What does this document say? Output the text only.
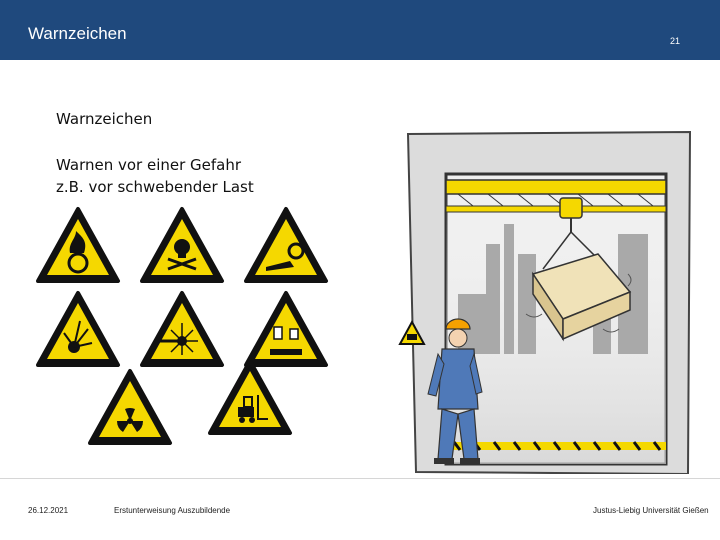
Warnzeichen	21
Warnzeichen
Warnen vor einer Gefahr
z.B. vor schwebender Last
26.12.2021	Erstunterweisung Auszubildende	Justus-Liebig Universität Gießen
